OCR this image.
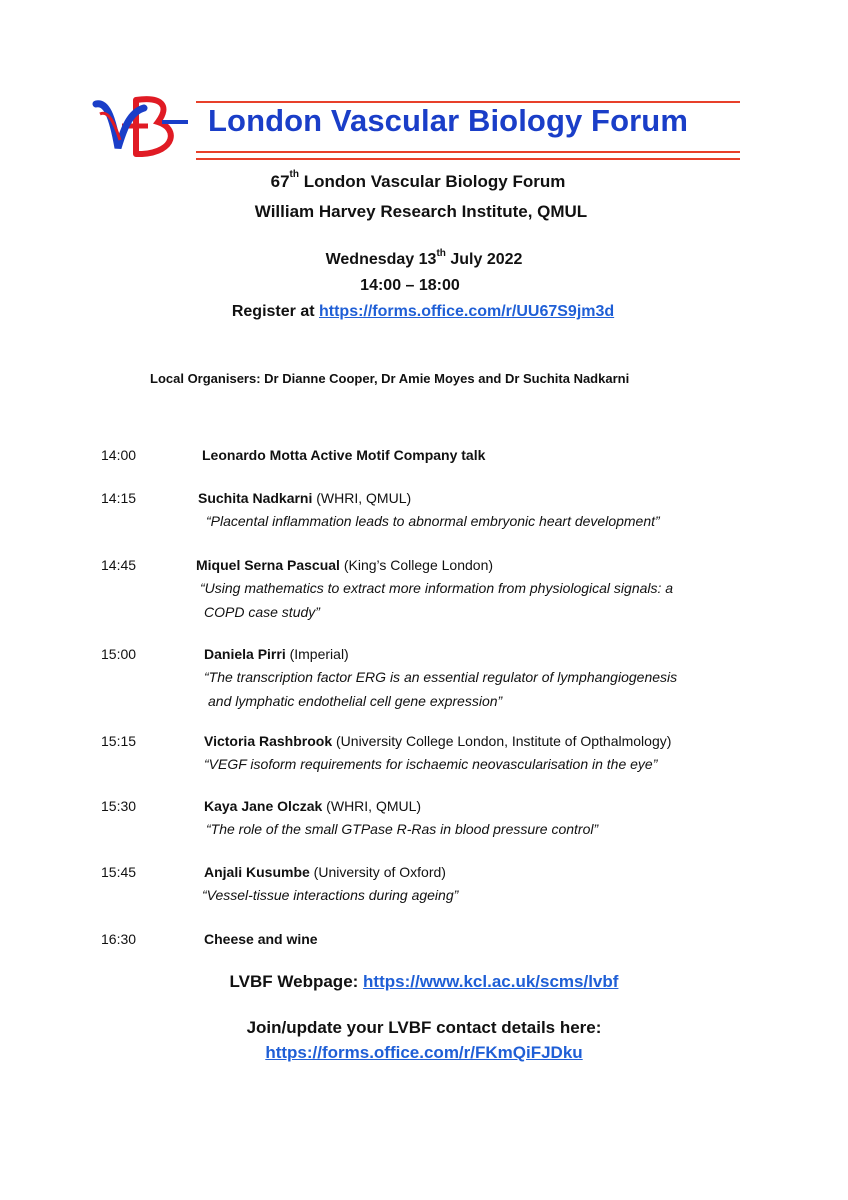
London Vascular Biology Forum
67th London Vascular Biology Forum
William Harvey Research Institute, QMUL
Wednesday 13th July 2022
14:00 – 18:00
Register at https://forms.office.com/r/UU67S9jm3d
Local Organisers: Dr Dianne Cooper, Dr Amie Moyes and Dr Suchita Nadkarni
14:00	Leonardo Motta Active Motif Company talk
14:15	Suchita Nadkarni (WHRI, QMUL)
“Placental inflammation leads to abnormal embryonic heart development”
14:45	Miquel Serna Pascual (King’s College London)
“Using mathematics to extract more information from physiological signals: a
COPD case study”
15:00	Daniela Pirri (Imperial)
“The transcription factor ERG is an essential regulator of lymphangiogenesis
and lymphatic endothelial cell gene expression”
15:15	Victoria Rashbrook (University College London, Institute of Opthalmology)
“VEGF isoform requirements for ischaemic neovascularisation in the eye”
15:30	Kaya Jane Olczak (WHRI, QMUL)
“The role of the small GTPase R-Ras in blood pressure control”
15:45	Anjali Kusumbe (University of Oxford)
“Vessel-tissue interactions during ageing”
16:30	Cheese and wine
LVBF Webpage: https://www.kcl.ac.uk/scms/lvbf
Join/update your LVBF contact details here:
https://forms.office.com/r/FKmQiFJDku
